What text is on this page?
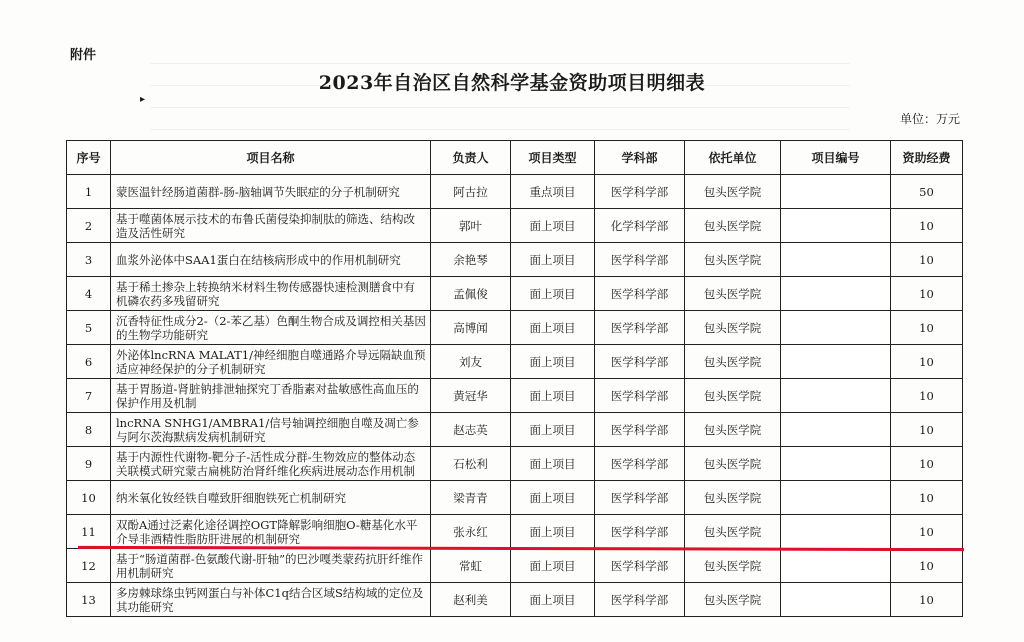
附件
▸
2023年自治区自然科学基金资助项目明细表
单位：万元
序号	项目名称	负责人	项目类型	学科部	依托单位	项目编号	资助经费
1	蒙医温针经肠道菌群-肠-脑轴调节失眠症的分子机制研究	阿古拉	重点项目	医学科学部	包头医学院		50
2	基于噬菌体展示技术的布鲁氏菌侵染抑制肽的筛选、结构改造及活性研究	郭叶	面上项目	化学科学部	包头医学院		10
3	血浆外泌体中SAA1蛋白在结核病形成中的作用机制研究	余艳琴	面上项目	医学科学部	包头医学院		10
4	基于稀土掺杂上转换纳米材料生物传感器快速检测膳食中有机磷农药多残留研究	孟佩俊	面上项目	医学科学部	包头医学院		10
5	沉香特征性成分2-（2-苯乙基）色酮生物合成及调控相关基因的生物学功能研究	高博闻	面上项目	医学科学部	包头医学院		10
6	外泌体lncRNA MALAT1/神经细胞自噬通路介导远隔缺血预适应神经保护的分子机制研究	刘友	面上项目	医学科学部	包头医学院		10
7	基于胃肠道-肾脏钠排泄轴探究丁香脂素对盐敏感性高血压的保护作用及机制	黄冠华	面上项目	医学科学部	包头医学院		10
8	lncRNA SNHG1/AMBRA1/信号轴调控细胞自噬及凋亡参与阿尔茨海默病发病机制研究	赵志英	面上项目	医学科学部	包头医学院		10
9	基于内源性代谢物-靶分子-活性成分群-生物效应的整体动态关联模式研究蒙古扁桃防治肾纤维化疾病进展动态作用机制	石松利	面上项目	医学科学部	包头医学院		10
10	纳米氧化钕经铁自噬致肝细胞铁死亡机制研究	梁青青	面上项目	医学科学部	包头医学院		10
11	双酚A通过泛素化途径调控OGT降解影响细胞O-糖基化水平介导非酒精性脂肪肝进展的机制研究	张永红	面上项目	医学科学部	包头医学院		10
12	基于“肠道菌群-色氨酸代谢-肝轴”的巴沙嘎类蒙药抗肝纤维作用机制研究	常虹	面上项目	医学科学部	包头医学院		10
13	多房棘球绦虫钙网蛋白与补体C1q结合区域S结构域的定位及其功能研究	赵利美	面上项目	医学科学部	包头医学院		10
